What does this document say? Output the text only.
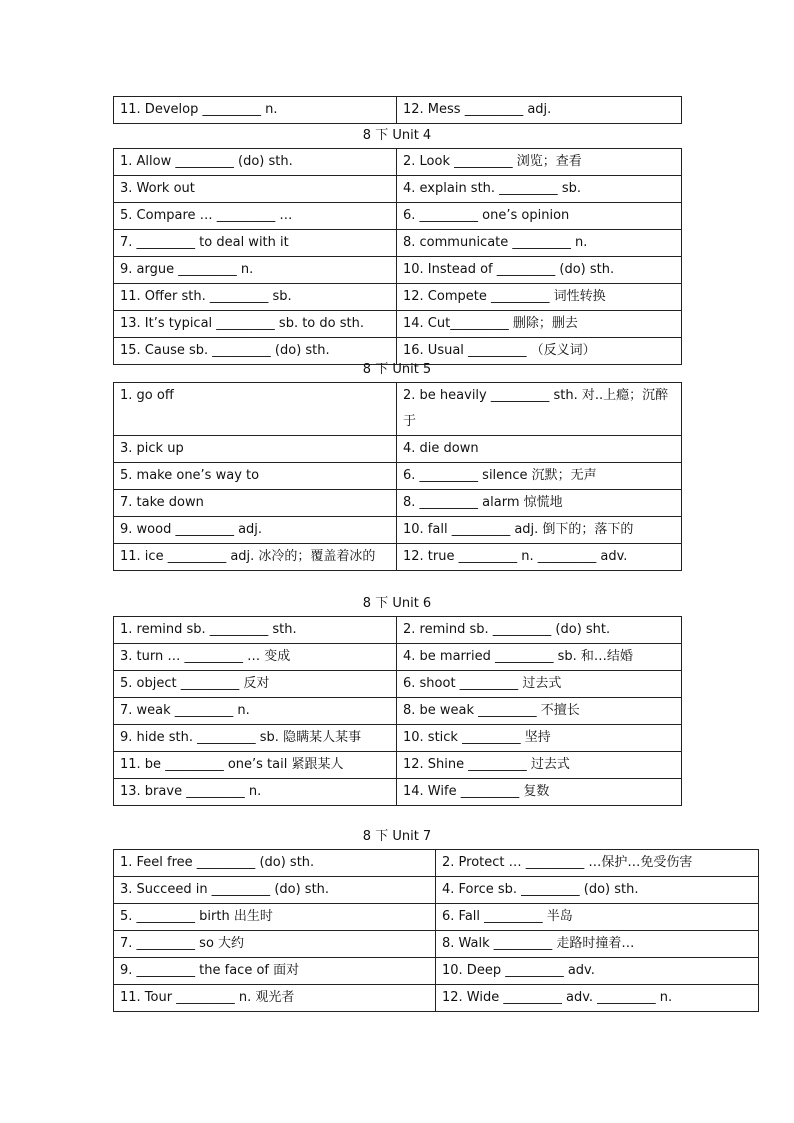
11. Develop _________ n.	12. Mess _________ adj.
8 下 Unit 4
1. Allow _________ (do) sth.	2. Look _________ 浏览；查看
3. Work out	4. explain sth. _________ sb.
5. Compare … _________ …	6. _________ one’s opinion
7. _________ to deal with it	8. communicate _________ n.
9. argue _________ n.	10. Instead of _________ (do) sth.
11. Offer sth. _________ sb.	12. Compete _________ 词性转换
13. It’s typical _________ sb. to do sth.	14. Cut_________ 删除；删去
15. Cause sb. _________ (do) sth.	16. Usual _________ （反义词）
8 下 Unit 5
1. go off	2. be heavily _________ sth. 对..上瘾；沉醉于
3. pick up	4. die down
5. make one’s way to	6. _________ silence 沉默；无声
7. take down	8. _________ alarm 惊慌地
9. wood _________ adj.	10. fall _________ adj. 倒下的；落下的
11. ice _________ adj. 冰冷的；覆盖着冰的	12. true _________ n. _________ adv.
8 下 Unit 6
1. remind sb. _________ sth.	2. remind sb. _________ (do) sht.
3. turn … _________ … 变成	4. be married _________ sb. 和…结婚
5. object _________ 反对	6. shoot _________ 过去式
7. weak _________ n.	8. be weak _________ 不擅长
9. hide sth. _________ sb. 隐瞒某人某事	10. stick _________ 坚持
11. be _________ one’s tail 紧跟某人	12. Shine _________ 过去式
13. brave _________ n.	14. Wife _________ 复数
8 下 Unit 7
1. Feel free _________ (do) sth.	2. Protect … _________ …保护…免受伤害
3. Succeed in _________ (do) sth.	4. Force sb. _________ (do) sth.
5. _________ birth 出生时	6. Fall _________ 半岛
7. _________ so 大约	8. Walk _________ 走路时撞着…
9. _________ the face of 面对	10. Deep _________ adv.
11. Tour _________ n. 观光者	12. Wide _________ adv. _________ n.
